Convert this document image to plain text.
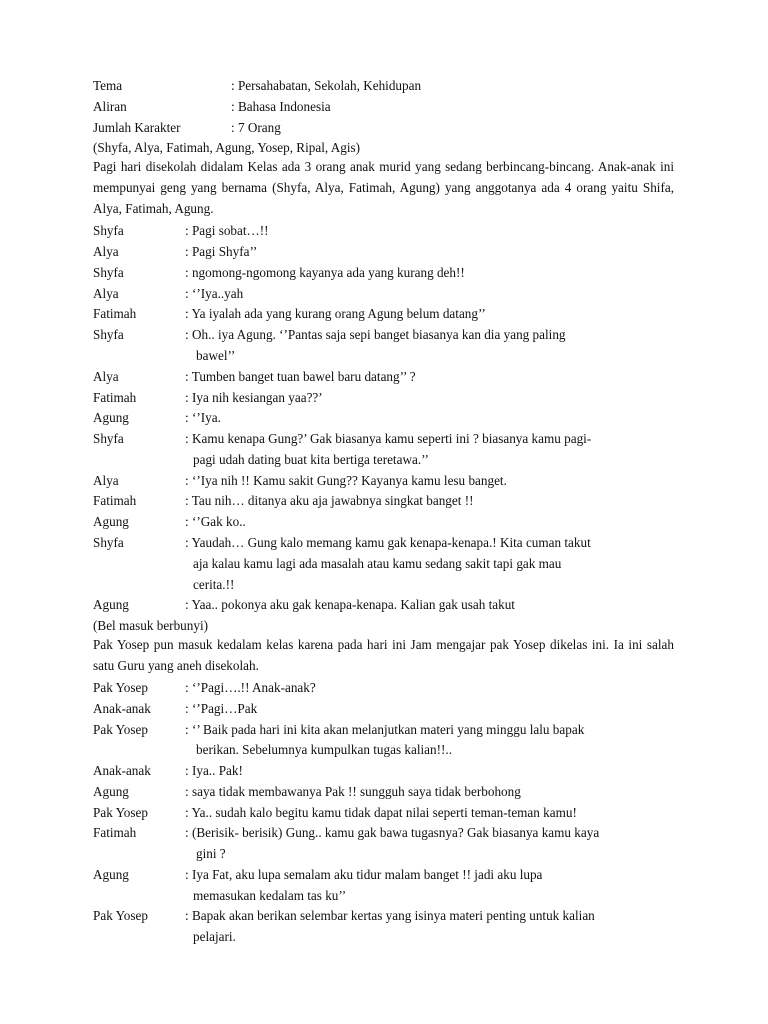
Tema	: Persahabatan, Sekolah, Kehidupan
Aliran	: Bahasa Indonesia
Jumlah Karakter	: 7 Orang
(Shyfa, Alya, Fatimah, Agung, Yosep, Ripal, Agis)

Pagi hari disekolah didalam Kelas ada 3 orang anak murid yang sedang berbincang-bincang. Anak-anak ini mempunyai geng yang bernama (Shyfa, Alya, Fatimah, Agung) yang anggotanya ada 4 orang yaitu Shifa, Alya, Fatimah, Agung.

Shyfa	: Pagi sobat…!!
Alya	: Pagi Shyfa’’
Shyfa	: ngomong-ngomong kayanya ada yang kurang deh!!
Alya	: ‘’Iya..yah
Fatimah	: Ya iyalah ada yang kurang orang Agung belum datang’’
Shyfa	: Oh.. iya Agung. ‘’Pantas saja sepi banget biasanya kan dia yang paling
bawel’’
Alya	: Tumben banget tuan bawel baru datang’’ ?
Fatimah	: Iya nih kesiangan yaa??’
Agung	: ‘’Iya.
Shyfa	: Kamu kenapa Gung?’ Gak biasanya kamu seperti ini ? biasanya kamu pagi-
pagi udah dating buat kita bertiga teretawa.’’
Alya	: ‘’Iya nih !! Kamu sakit Gung?? Kayanya kamu lesu banget.
Fatimah	: Tau nih… ditanya aku aja jawabnya singkat banget !!
Agung	: ‘’Gak ko..
Shyfa	: Yaudah… Gung kalo memang kamu gak kenapa-kenapa.! Kita cuman takut
aja kalau kamu lagi ada masalah atau kamu sedang sakit tapi gak mau
cerita.!!
Agung	: Yaa.. pokonya aku gak kenapa-kenapa. Kalian gak usah takut
(Bel masuk berbunyi)

Pak Yosep pun masuk kedalam kelas karena pada hari ini Jam mengajar pak Yosep dikelas ini. Ia ini salah satu Guru yang aneh disekolah.

Pak Yosep	: ‘’Pagi….!! Anak-anak?
Anak-anak	: ‘’Pagi…Pak
Pak Yosep	: ‘’ Baik pada hari ini kita akan melanjutkan materi yang minggu lalu bapak
berikan. Sebelumnya kumpulkan tugas kalian!!..
Anak-anak	: Iya.. Pak!
Agung	: saya tidak membawanya Pak !! sungguh saya tidak berbohong
Pak Yosep	: Ya.. sudah kalo begitu kamu tidak dapat nilai seperti teman-teman kamu!
Fatimah	: (Berisik- berisik) Gung.. kamu gak bawa tugasnya? Gak biasanya kamu kaya
gini ?
Agung	: Iya Fat, aku lupa semalam aku tidur malam banget !! jadi aku lupa
memasukan kedalam tas ku’’
Pak Yosep	: Bapak akan berikan selembar kertas yang isinya materi penting untuk kalian
pelajari.
